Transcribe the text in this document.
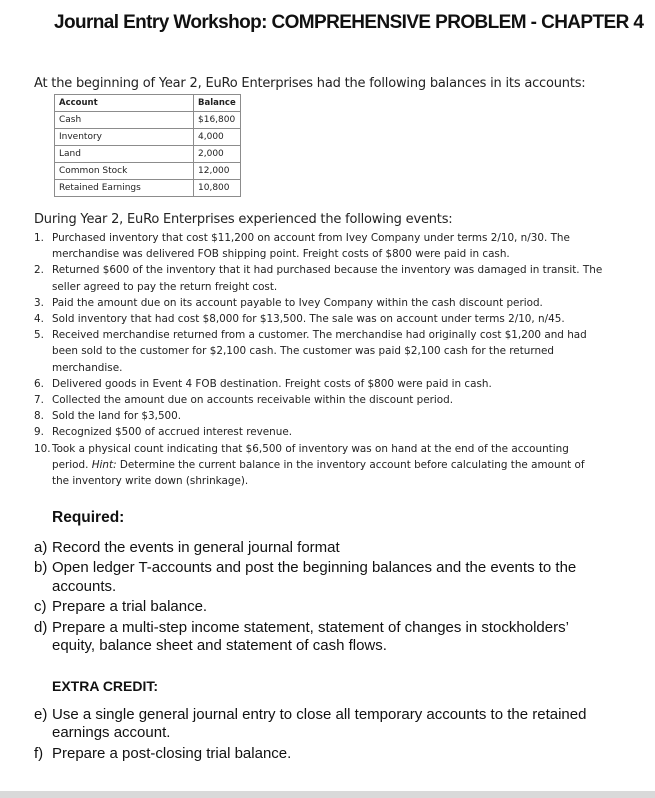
Journal Entry Workshop: COMPREHENSIVE PROBLEM - CHAPTER 4
At the beginning of Year 2, EuRo Enterprises had the following balances in its accounts:
Account	Balance
Cash	$16,800
Inventory	4,000
Land	2,000
Common Stock	12,000
Retained Earnings	10,800
During Year 2, EuRo Enterprises experienced the following events:
1. Purchased inventory that cost $11,200 on account from Ivey Company under terms 2/10, n/30. The merchandise was delivered FOB shipping point. Freight costs of $800 were paid in cash.
2. Returned $600 of the inventory that it had purchased because the inventory was damaged in transit. The seller agreed to pay the return freight cost.
3. Paid the amount due on its account payable to Ivey Company within the cash discount period.
4. Sold inventory that had cost $8,000 for $13,500. The sale was on account under terms 2/10, n/45.
5. Received merchandise returned from a customer. The merchandise had originally cost $1,200 and had been sold to the customer for $2,100 cash. The customer was paid $2,100 cash for the returned merchandise.
6. Delivered goods in Event 4 FOB destination. Freight costs of $800 were paid in cash.
7. Collected the amount due on accounts receivable within the discount period.
8. Sold the land for $3,500.
9. Recognized $500 of accrued interest revenue.
10. Took a physical count indicating that $6,500 of inventory was on hand at the end of the accounting period. Hint: Determine the current balance in the inventory account before calculating the amount of the inventory write down (shrinkage).
Required:
a) Record the events in general journal format
b) Open ledger T-accounts and post the beginning balances and the events to the accounts.
c) Prepare a trial balance.
d) Prepare a multi-step income statement, statement of changes in stockholders’ equity, balance sheet and statement of cash flows.
EXTRA CREDIT:
e) Use a single general journal entry to close all temporary accounts to the retained earnings account.
f) Prepare a post-closing trial balance.
